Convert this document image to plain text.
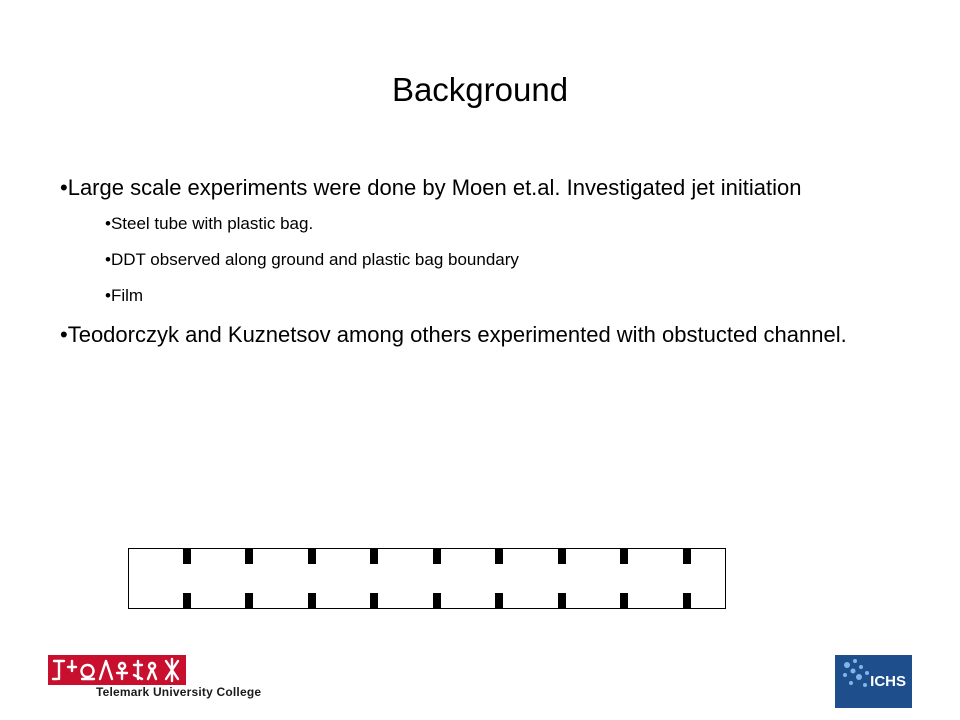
Background
•Large scale experiments were done by Moen et.al. Investigated jet initiation
•Steel tube with plastic bag.
•DDT observed along ground and plastic bag boundary
•Film
•Teodorczyk and Kuznetsov among others experimented with obstucted channel.
Telemark University College
ICHS
